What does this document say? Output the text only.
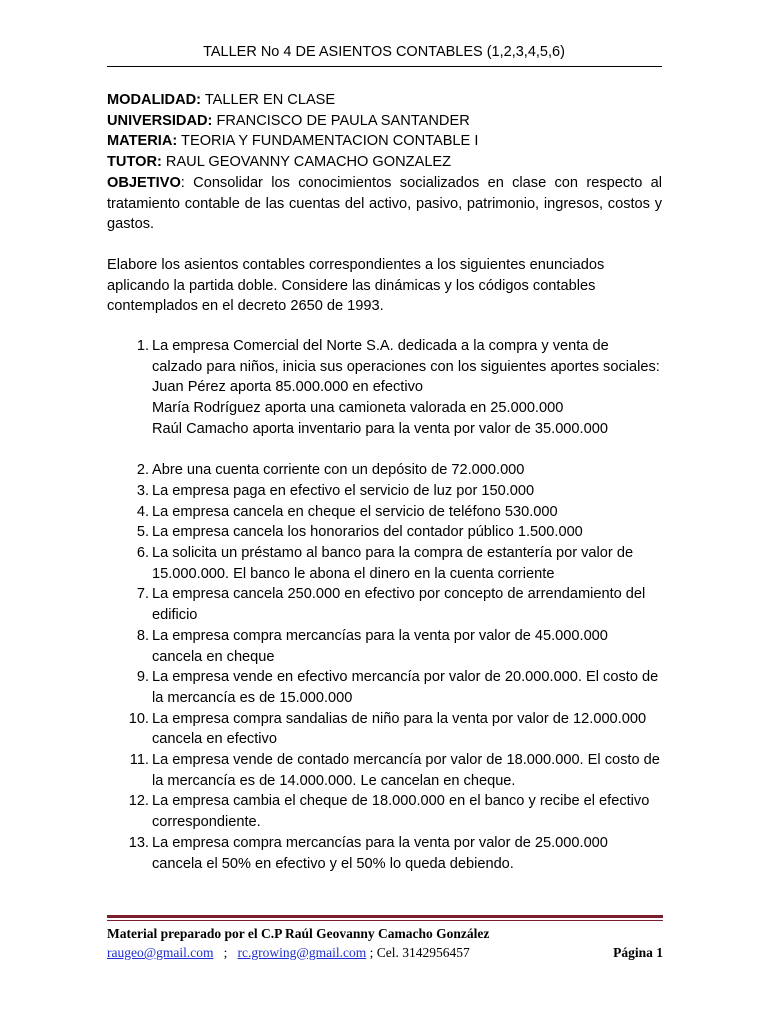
TALLER No 4 DE ASIENTOS CONTABLES (1,2,3,4,5,6)
MODALIDAD: TALLER EN CLASE
UNIVERSIDAD: FRANCISCO DE PAULA SANTANDER
MATERIA: TEORIA Y FUNDAMENTACION CONTABLE I
TUTOR: RAUL GEOVANNY CAMACHO GONZALEZ
OBJETIVO: Consolidar los conocimientos socializados en clase con respecto al tratamiento contable de las cuentas del activo, pasivo, patrimonio, ingresos, costos y gastos.
Elabore los asientos contables correspondientes a los siguientes enunciados aplicando la partida doble. Considere las dinámicas y los códigos contables contemplados en el decreto 2650 de 1993.
1. La empresa Comercial del Norte S.A. dedicada a la compra y venta de calzado para niños, inicia sus operaciones con los siguientes aportes sociales:
Juan Pérez aporta 85.000.000 en efectivo
María Rodríguez aporta una camioneta valorada en 25.000.000
Raúl Camacho aporta inventario para la venta por valor de 35.000.000
2. Abre una cuenta corriente con un depósito de 72.000.000
3. La empresa paga en efectivo el servicio de luz por 150.000
4. La empresa cancela en cheque el servicio de teléfono 530.000
5. La empresa cancela los honorarios del contador público 1.500.000
6. La solicita un préstamo al banco para la compra de estantería por valor de 15.000.000. El banco le abona el dinero en la cuenta corriente
7. La empresa cancela 250.000 en efectivo por concepto de arrendamiento del edificio
8. La empresa compra mercancías para la venta por valor de 45.000.000 cancela en cheque
9. La empresa vende en efectivo mercancía por valor de 20.000.000. El costo de la mercancía es de 15.000.000
10. La empresa compra sandalias de niño para la venta por valor de 12.000.000 cancela en efectivo
11. La empresa vende de contado mercancía por valor de 18.000.000. El costo de la mercancía es de 14.000.000. Le cancelan en cheque.
12. La empresa cambia el cheque de 18.000.000 en el banco y recibe el efectivo correspondiente.
13. La empresa compra mercancías para la venta por valor de 25.000.000 cancela el 50% en efectivo y el 50% lo queda debiendo.
Material preparado por el C.P Raúl Geovanny Camacho González
raugeo@gmail.com   ;   rc.growing@gmail.com ; Cel. 3142956457	Página 1
